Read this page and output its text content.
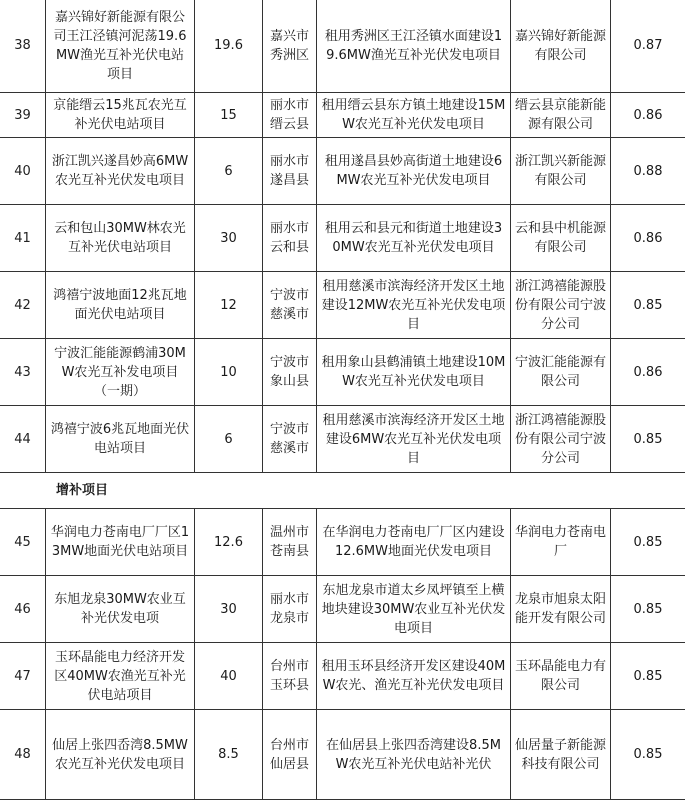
38	嘉兴锦好新能源有限公司王江泾镇河泥荡19.6MW渔光互补光伏电站项目	19.6	嘉兴市秀洲区	租用秀洲区王江泾镇水面建设19.6MW渔光互补光伏发电项目	嘉兴锦好新能源有限公司	0.87
39	京能缙云15兆瓦农光互补光伏电站项目	15	丽水市缙云县	租用缙云县东方镇土地建设15MW农光互补光伏发电项目	缙云县京能新能源有限公司	0.86
40	浙江凯兴遂昌妙高6MW农光互补光伏发电项目	6	丽水市遂昌县	租用遂昌县妙高街道土地建设6MW农光互补光伏发电项目	浙江凯兴新能源有限公司	0.88
41	云和包山30MW林农光互补光伏电站项目	30	丽水市云和县	租用云和县元和街道土地建设30MW农光互补光伏发电项目	云和县中机能源有限公司	0.86
42	鸿禧宁波地面12兆瓦地面光伏电站项目	12	宁波市慈溪市	租用慈溪市滨海经济开发区土地建设12MW农光互补光伏发电项目	浙江鸿禧能源股份有限公司宁波分公司	0.85
43	宁波汇能能源鹤浦30MW农光互补发电项目（一期）	10	宁波市象山县	租用象山县鹤浦镇土地建设10MW农光互补光伏发电项目	宁波汇能能源有限公司	0.86
44	鸿禧宁波6兆瓦地面光伏电站项目	6	宁波市慈溪市	租用慈溪市滨海经济开发区土地建设6MW农光互补光伏发电项目	浙江鸿禧能源股份有限公司宁波分公司	0.85
增补项目						
45	华润电力苍南电厂厂区13MW地面光伏电站项目	12.6	温州市苍南县	在华润电力苍南电厂厂区内建设12.6MW地面光伏发电项目	华润电力苍南电厂	0.85
46	东旭龙泉30MW农业互补光伏发电项	30	丽水市龙泉市	东旭龙泉市道太乡凤坪镇至上横地块建设30MW农业互补光伏发电项目	龙泉市旭泉太阳能开发有限公司	0.85
47	玉环晶能电力经济开发区40MW农渔光互补光伏电站项目	40	台州市玉环县	租用玉环县经济开发区建设40MW农光、渔光互补光伏发电项目	玉环晶能电力有限公司	0.85
48	仙居上张四岙湾8.5MW农光互补光伏发电项目	8.5	台州市仙居县	在仙居县上张四岙湾建设8.5MW农光互补光伏电站补光伏	仙居量子新能源科技有限公司	0.85
